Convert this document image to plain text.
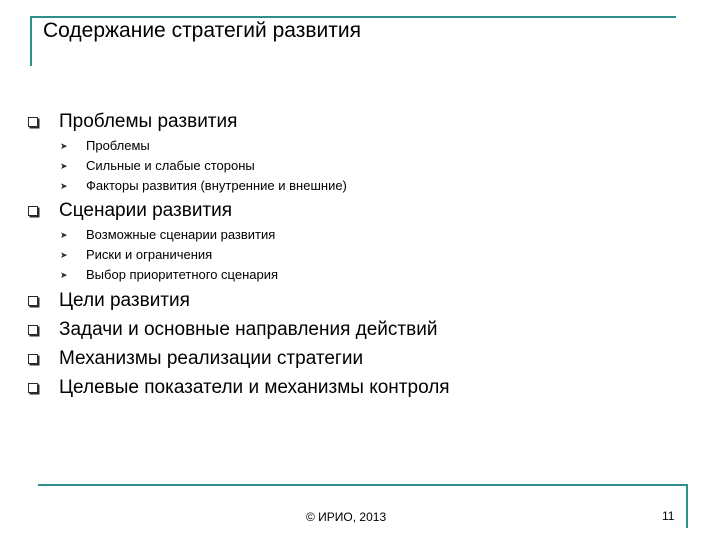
Содержание стратегий развития
Проблемы развития
➤	Проблемы
➤	Сильные и слабые стороны
➤	Факторы развития (внутренние и внешние)
Сценарии развития
➤	Возможные сценарии развития
➤	Риски и ограничения
➤	Выбор приоритетного сценария
Цели развития
Задачи и основные направления действий
Механизмы реализации стратегии
Целевые показатели и механизмы контроля
© ИРИО, 2013	11
